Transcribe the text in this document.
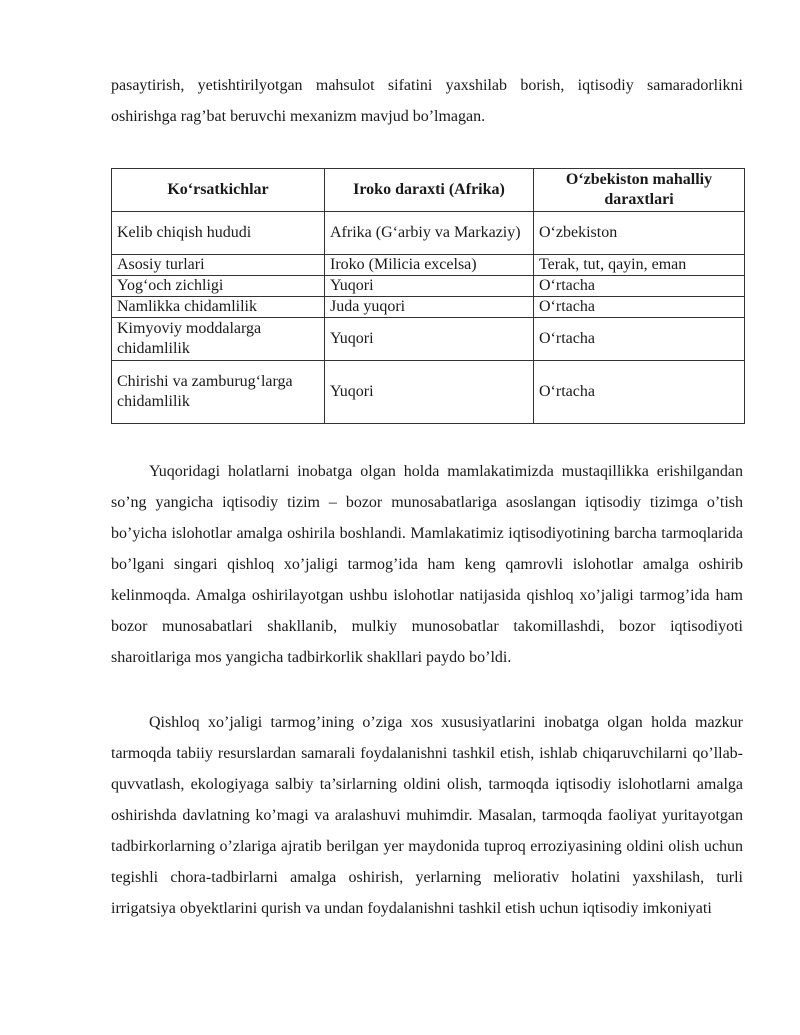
pasaytirish, yetishtirilyotgan mahsulot sifatini yaxshilab borish, iqtisodiy samaradorlikni oshirishga rag’bat beruvchi mexanizm mavjud bo’lmagan.

Ko‘rsatkichlar	Iroko daraxti (Afrika)	O‘zbekiston mahalliy daraxtlari
Kelib chiqish hududi	Afrika (G‘arbiy va Markaziy)	O‘zbekiston
Asosiy turlari	Iroko (Milicia excelsa)	Terak, tut, qayin, eman
Yog‘och zichligi	Yuqori	O‘rtacha
Namlikka chidamlilik	Juda yuqori	O‘rtacha
Kimyoviy moddalarga chidamlilik	Yuqori	O‘rtacha
Chirishi va zamburug‘larga chidamlilik	Yuqori	O‘rtacha

Yuqoridagi holatlarni inobatga olgan holda mamlakatimizda mustaqillikka erishilgandan so’ng yangicha iqtisodiy tizim – bozor munosabatlariga asoslangan iqtisodiy tizimga o’tish bo’yicha islohotlar amalga oshirila boshlandi. Mamlakatimiz iqtisodiyotining barcha tarmoqlarida bo’lgani singari qishloq xo’jaligi tarmog’ida ham keng qamrovli islohotlar amalga oshirib kelinmoqda. Amalga oshirilayotgan ushbu islohotlar natijasida qishloq xo’jaligi tarmog’ida ham bozor munosabatlari shakllanib, mulkiy munosobatlar takomillashdi, bozor iqtisodiyoti sharoitlariga mos yangicha tadbirkorlik shakllari paydo bo’ldi.

Qishloq xo’jaligi tarmog’ining o’ziga xos xususiyatlarini inobatga olgan holda mazkur tarmoqda tabiiy resurslardan samarali foydalanishni tashkil etish, ishlab chiqaruvchilarni qo’llab-quvvatlash, ekologiyaga salbiy ta’sirlarning oldini olish, tarmoqda iqtisodiy islohotlarni amalga oshirishda davlatning ko’magi va aralashuvi muhimdir. Masalan, tarmoqda faoliyat yuritayotgan tadbirkorlarning o’zlariga ajratib berilgan yer maydonida tuproq erroziyasining oldini olish uchun tegishli chora-tadbirlarni amalga oshirish, yerlarning meliorativ holatini yaxshilash, turli irrigatsiya obyektlarini qurish va undan foydalanishni tashkil etish uchun iqtisodiy imkoniyati
